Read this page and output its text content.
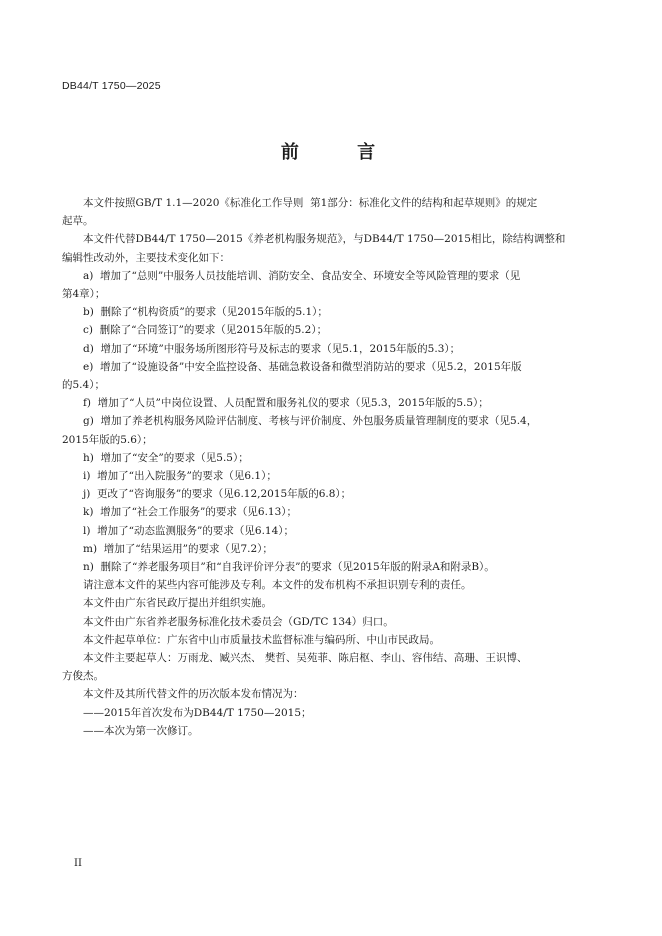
DB44/T 1750—2025
前 言

本文件按照GB/T 1.1—2020《标准化工作导则  第1部分：标准化文件的结构和起草规则》的规定

起草。

本文件代替DB44/T 1750—2015《养老机构服务规范》，与DB44/T 1750—2015相比，除结构调整和

编辑性改动外，主要技术变化如下：

a) 增加了“总则”中服务人员技能培训、消防安全、食品安全、环境安全等风险管理的要求（见

第4章）；

b) 删除了“机构资质”的要求（见2015年版的5.1）；

c) 删除了“合同签订”的要求（见2015年版的5.2）；

d) 增加了“环境”中服务场所图形符号及标志的要求（见5.1，2015年版的5.3）；

e) 增加了“设施设备”中安全监控设备、基础急救设备和微型消防站的要求（见5.2，2015年版

的5.4）；

f) 增加了“人员”中岗位设置、人员配置和服务礼仪的要求（见5.3，2015年版的5.5）；

g) 增加了养老机构服务风险评估制度、考核与评价制度、外包服务质量管理制度的要求（见5.4，

2015年版的5.6）；

h) 增加了“安全”的要求（见5.5）；

i) 增加了“出入院服务”的要求（见6.1）；

j) 更改了“咨询服务”的要求（见6.12,2015年版的6.8）；

k) 增加了“社会工作服务”的要求（见6.13）；

l) 增加了“动态监测服务”的要求（见6.14）；

m) 增加了“结果运用”的要求（见7.2）；

n) 删除了“养老服务项目”和“自我评价评分表”的要求（见2015年版的附录A和附录B）。

请注意本文件的某些内容可能涉及专利。本文件的发布机构不承担识别专利的责任。

本文件由广东省民政厅提出并组织实施。

本文件由广东省养老服务标准化技术委员会（GD/TC 134）归口。

本文件起草单位：广东省中山市质量技术监督标准与编码所、中山市民政局。

本文件主要起草人：万雨龙、臧兴杰、 樊哲、吴苑菲、陈启枢、李山、容伟结、高珊、王识博、

方俊杰。

本文件及其所代替文件的历次版本发布情况为：

——2015年首次发布为DB44/T 1750—2015；

——本次为第一次修订。

II
